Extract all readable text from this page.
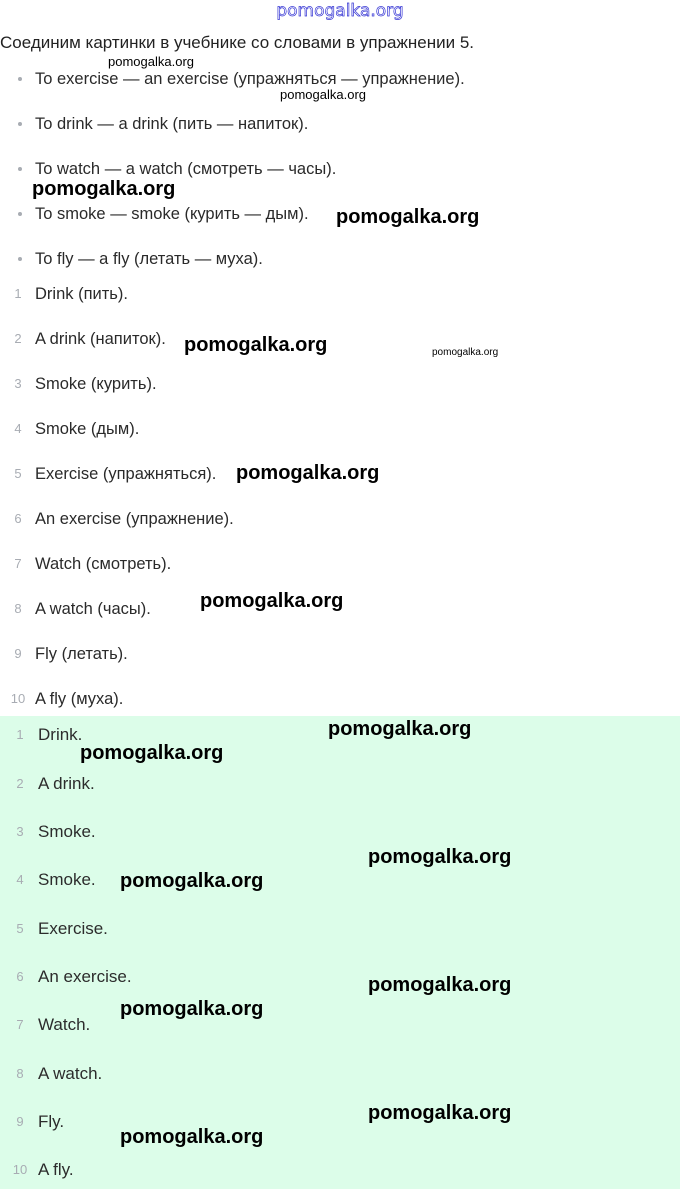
pomogalka.org
Соединим картинки в учебнике со словами в упражнении 5.
To exercise — an exercise (упражняться — упражнение).
To drink — a drink (пить — напиток).
To watch — a watch (смотреть — часы).
To smoke — smoke (курить — дым).
To fly — a fly (летать — муха).
1 Drink (пить).
2 A drink (напиток).
3 Smoke (курить).
4 Smoke (дым).
5 Exercise (упражняться).
6 An exercise (упражнение).
7 Watch (смотреть).
8 A watch (часы).
9 Fly (летать).
10 A fly (муха).
1 Drink.
2 A drink.
3 Smoke.
4 Smoke.
5 Exercise.
6 An exercise.
7 Watch.
8 A watch.
9 Fly.
10 A fly.
pomogalka.org
pomogalka.org
pomogalka.org
pomogalka.org
pomogalka.org	pomogalka.org
pomogalka.org
pomogalka.org
pomogalka.org
pomogalka.org
pomogalka.org
pomogalka.org
pomogalka.org
pomogalka.org
pomogalka.org
pomogalka.org
